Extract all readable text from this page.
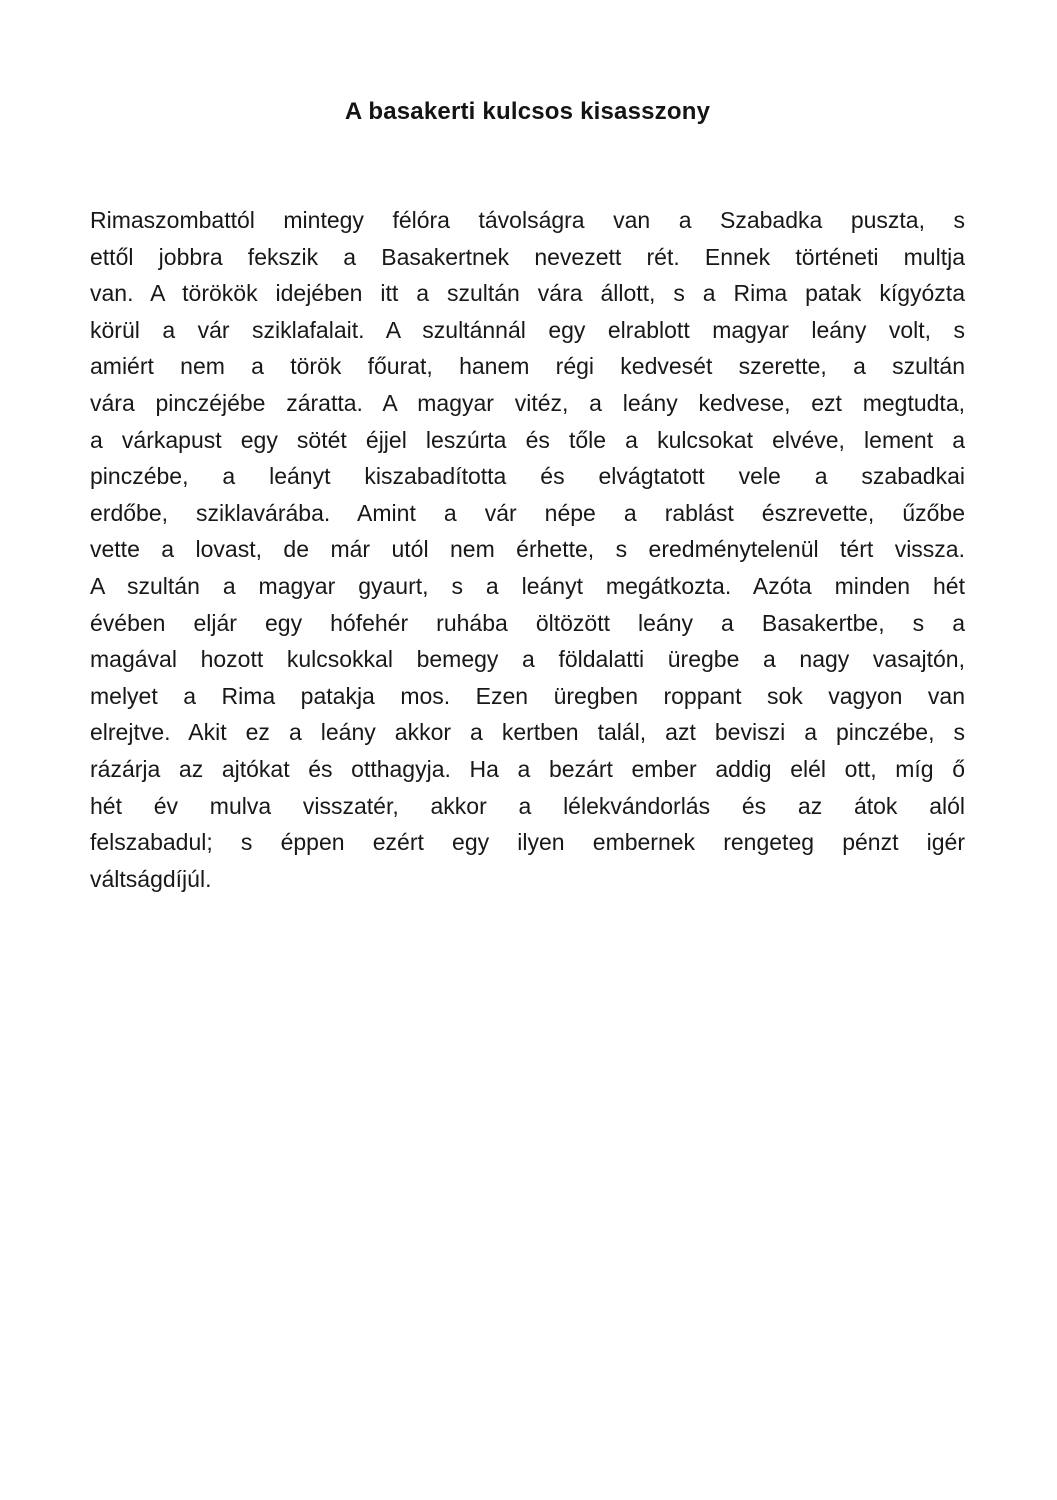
A basakerti kulcsos kisasszony
Rimaszombattól mintegy félóra távolságra van a Szabadka puszta, s
ettől jobbra fekszik a Basakertnek nevezett rét. Ennek történeti multja
van. A törökök idejében itt a szultán vára állott, s a Rima patak kígyózta
körül a vár sziklafalait. A szultánnál egy elrablott magyar leány volt, s
amiért nem a török főurat, hanem régi kedvesét szerette, a szultán
vára pinczéjébe záratta. A magyar vitéz, a leány kedvese, ezt megtudta,
a várkapust egy sötét éjjel leszúrta és tőle a kulcsokat elvéve, lement a
pinczébe, a leányt kiszabadította és elvágtatott vele a szabadkai
erdőbe, sziklavárába. Amint a vár népe a rablást észrevette, űzőbe
vette a lovast, de már utól nem érhette, s eredménytelenül tért vissza.
A szultán a magyar gyaurt, s a leányt megátkozta. Azóta minden hét
évében eljár egy hófehér ruhába öltözött leány a Basakertbe, s a
magával hozott kulcsokkal bemegy a földalatti üregbe a nagy vasajtón,
melyet a Rima patakja mos. Ezen üregben roppant sok vagyon van
elrejtve. Akit ez a leány akkor a kertben talál, azt beviszi a pinczébe, s
rázárja az ajtókat és otthagyja. Ha a bezárt ember addig elél ott, míg ő
hét év mulva visszatér, akkor a lélekvándorlás és az átok alól
felszabadul; s éppen ezért egy ilyen embernek rengeteg pénzt igér
váltságdíjúl.
